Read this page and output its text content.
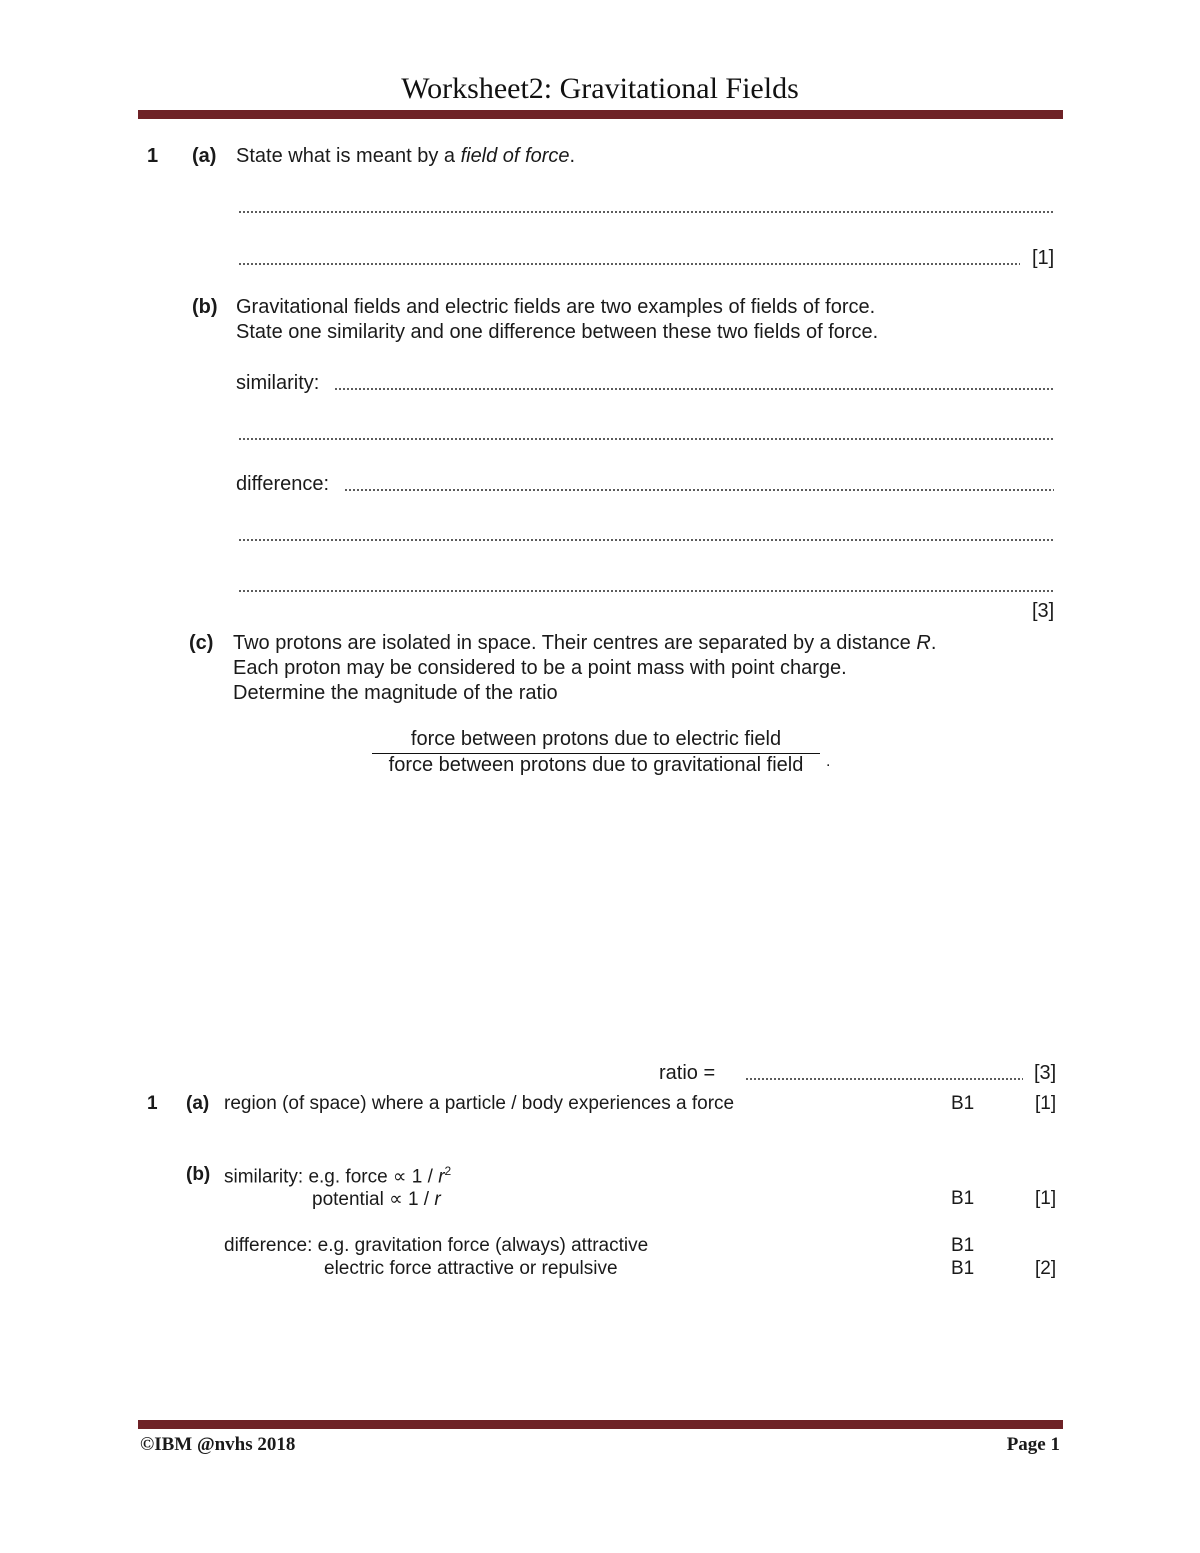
Worksheet2: Gravitational Fields
1 (a) State what is meant by a field of force.
[1]
(b) Gravitational fields and electric fields are two examples of fields of force.
State one similarity and one difference between these two fields of force.
similarity:
difference:
[3]
(c) Two protons are isolated in space. Their centres are separated by a distance R.
Each proton may be considered to be a point mass with point charge.
Determine the magnitude of the ratio
force between protons due to electric field
force between protons due to gravitational field	.
ratio =	[3]
1 (a) region (of space) where a particle / body experiences a force	B1	[1]
(b) similarity: e.g. force ∝ $1 / r^2$
potential ∝ 1 / r	B1	[1]
difference: e.g. gravitation force (always) attractive	B1
electric force attractive or repulsive	B1	[2]
©IBM @nvhs 2018	Page 1
